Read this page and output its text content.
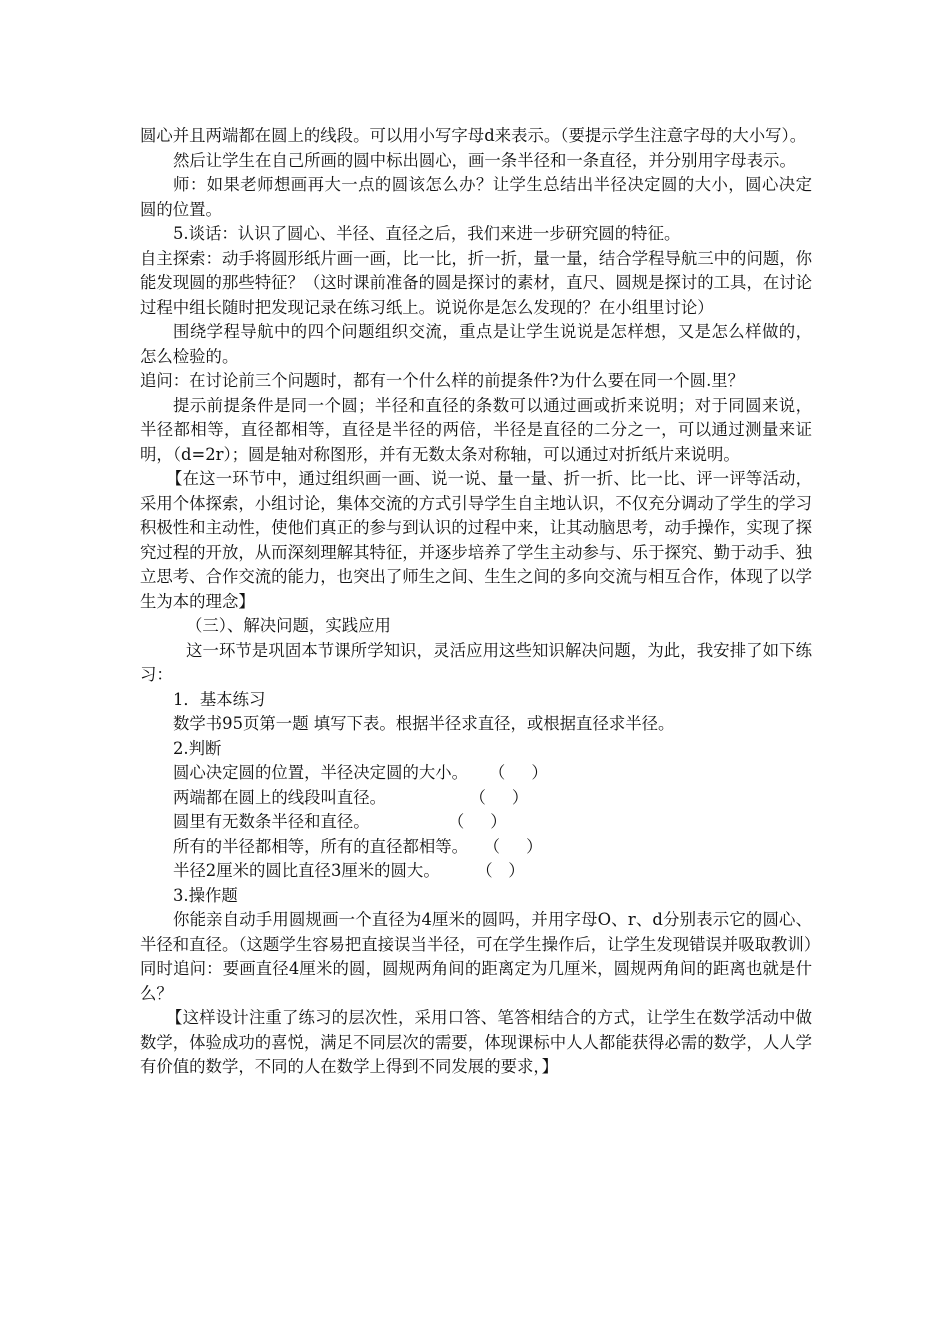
圆心并且两端都在圆上的线段。可以用小写字母d来表示。（要提示学生注意字母的大小写）。

然后让学生在自己所画的圆中标出圆心，画一条半径和一条直径，并分别用字母表示。

师：如果老师想画再大一点的圆该怎么办？让学生总结出半径决定圆的大小，圆心决定圆的位置。

5.谈话：认识了圆心、半径、直径之后，我们来进一步研究圆的特征。

自主探索：动手将圆形纸片画一画，比一比，折一折，量一量，结合学程导航三中的问题，你能发现圆的那些特征？（这时课前准备的圆是探讨的素材，直尺、圆规是探讨的工具，在讨论过程中组长随时把发现记录在练习纸上。说说你是怎么发现的？在小组里讨论）

围绕学程导航中的四个问题组织交流，重点是让学生说说是怎样想，又是怎么样做的，怎么检验的。

追问：在讨论前三个问题时，都有一个什么样的前提条件?为什么要在同一个圆.里？

提示前提条件是同一个圆；半径和直径的条数可以通过画或折来说明；对于同圆来说，半径都相等，直径都相等，直径是半径的两倍，半径是直径的二分之一，可以通过测量来证明，（d=2r）；圆是轴对称图形，并有无数太条对称轴，可以通过对折纸片来说明。

【在这一环节中，通过组织画一画、说一说、量一量、折一折、比一比、评一评等活动，采用个体探索，小组讨论，集体交流的方式引导学生自主地认识，不仅充分调动了学生的学习积极性和主动性，使他们真正的参与到认识的过程中来，让其动脑思考，动手操作，实现了探究过程的开放，从而深刻理解其特征，并逐步培养了学生主动参与、乐于探究、勤于动手、独立思考、合作交流的能力，也突出了师生之间、生生之间的多向交流与相互合作，体现了以学生为本的理念】

（三）、解决问题，实践应用

这一环节是巩固本节课所学知识，灵活应用这些知识解决问题，为此，我安排了如下练习：

1．基本练习

数学书95页第一题 填写下表。根据半径求直径，或根据直径求半径。

2.判断

圆心决定圆的位置，半径决定圆的大小。 （     ）
两端都在圆上的线段叫直径。 （     ）
圆里有无数条半径和直径。 （     ）
所有的半径都相等，所有的直径都相等。 （     ）
半径2厘米的圆比直径3厘米的圆大。 （   ）

3.操作题

你能亲自动手用圆规画一个直径为4厘米的圆吗，并用字母O、r、d分别表示它的圆心、半径和直径。（这题学生容易把直接误当半径，可在学生操作后，让学生发现错误并吸取教训）同时追问：要画直径4厘米的圆，圆规两角间的距离定为几厘米，圆规两角间的距离也就是什么？

【这样设计注重了练习的层次性，采用口答、笔答相结合的方式，让学生在数学活动中做数学，体验成功的喜悦，满足不同层次的需要，体现课标中人人都能获得必需的数学，人人学有价值的数学，不同的人在数学上得到不同发展的要求，】
